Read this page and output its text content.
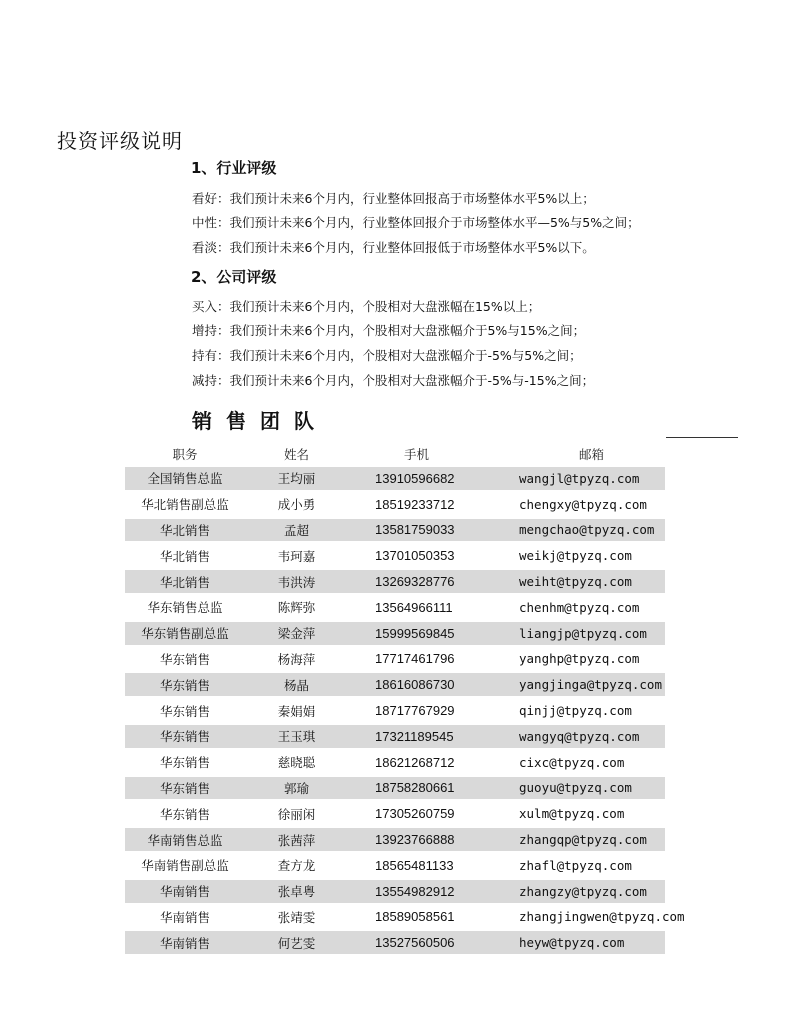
投资评级说明
1、行业评级
看好：我们预计未来6个月内，行业整体回报高于市场整体水平5%以上；
中性：我们预计未来6个月内，行业整体回报介于市场整体水平—5%与5%之间；
看淡：我们预计未来6个月内，行业整体回报低于市场整体水平5%以下。
2、公司评级
买入：我们预计未来6个月内，个股相对大盘涨幅在15%以上；
增持：我们预计未来6个月内，个股相对大盘涨幅介于5%与15%之间；
持有：我们预计未来6个月内，个股相对大盘涨幅介于-5%与5%之间；
减持：我们预计未来6个月内，个股相对大盘涨幅介于-5%与-15%之间；
销售团队
职务	姓名	手机	邮箱
全国销售总监	王均丽	13910596682	wangjl@tpyzq.com
华北销售副总监	成小勇	18519233712	chengxy@tpyzq.com
华北销售	孟超	13581759033	mengchao@tpyzq.com
华北销售	韦珂嘉	13701050353	weikj@tpyzq.com
华北销售	韦洪涛	13269328776	weiht@tpyzq.com
华东销售总监	陈辉弥	13564966111	chenhm@tpyzq.com
华东销售副总监	梁金萍	15999569845	liangjp@tpyzq.com
华东销售	杨海萍	17717461796	yanghp@tpyzq.com
华东销售	杨晶	18616086730	yangjinga@tpyzq.com
华东销售	秦娟娟	18717767929	qinjj@tpyzq.com
华东销售	王玉琪	17321189545	wangyq@tpyzq.com
华东销售	慈晓聪	18621268712	cixc@tpyzq.com
华东销售	郭瑜	18758280661	guoyu@tpyzq.com
华东销售	徐丽闲	17305260759	xulm@tpyzq.com
华南销售总监	张茜萍	13923766888	zhangqp@tpyzq.com
华南销售副总监	查方龙	18565481133	zhafl@tpyzq.com
华南销售	张卓粤	13554982912	zhangzy@tpyzq.com
华南销售	张靖雯	18589058561	zhangjingwen@tpyzq.com
华南销售	何艺雯	13527560506	heyw@tpyzq.com
